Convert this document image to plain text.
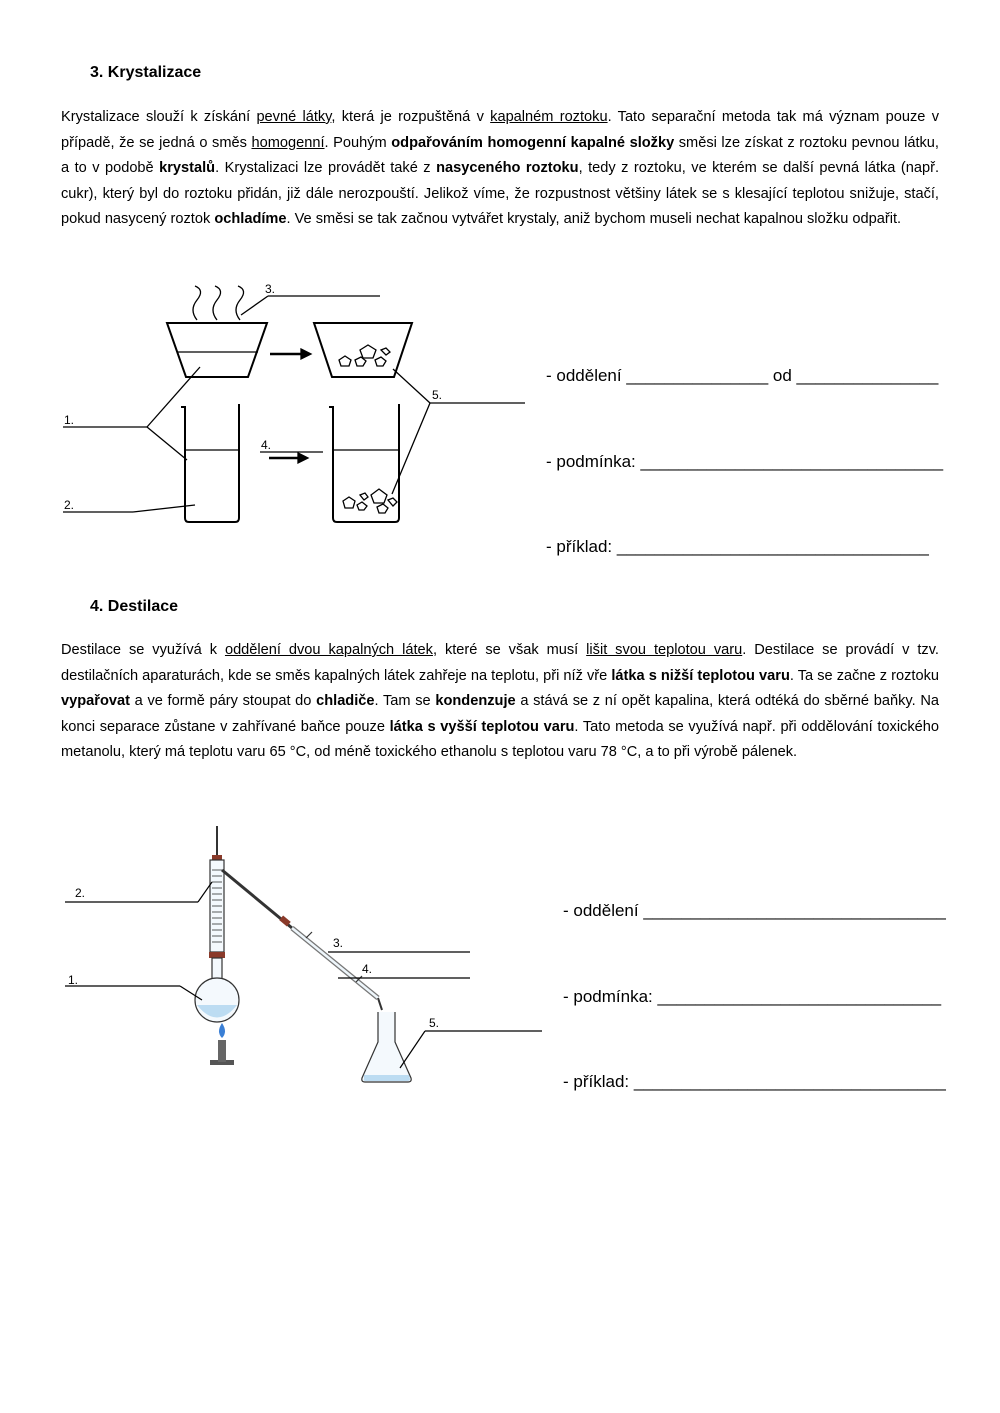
3. Krystalizace
Krystalizace slouží k získání pevné látky, která je rozpuštěná v kapalném roztoku. Tato separační metoda tak má význam pouze v případě, že se jedná o směs homogenní. Pouhým odpařováním homogenní kapalné složky směsi lze získat z roztoku pevnou látku, a to v podobě krystalů. Krystalizaci lze provádět také z nasyceného roztoku, tedy z roztoku, ve kterém se další pevná látka (např. cukr), který byl do roztoku přidán, již dále nerozpouští. Jelikož víme, že rozpustnost většiny látek se s klesající teplotou snižuje, stačí, pokud nasycený roztok ochladíme. Ve směsi se tak začnou vytvářet krystaly, aniž bychom museli nechat kapalnou složku odpařit.
1.
2.
3.
4.
5.

- oddělení _______________ od _______________

- podmínka: ________________________________

- příklad: _________________________________

4. Destilace
Destilace se využívá k oddělení dvou kapalných látek, které se však musí lišit svou teplotou varu. Destilace se provádí v tzv. destilačních aparaturách, kde se směs kapalných látek zahřeje na teplotu, při níž vře látka s nižší teplotou varu. Ta se začne z roztoku vypařovat a ve formě páry stoupat do chladiče. Tam se kondenzuje a stává se z ní opět kapalina, která odtéká do sběrné baňky. Na konci separace zůstane v zahřívané baňce pouze látka s vyšší teplotou varu. Tato metoda se využívá např. při oddělování toxického metanolu, který má teplotu varu 65 °C, od méně toxického ethanolu s teplotou varu 78 °C, a to při výrobě pálenek.
2.
1.
3.
4.
5.

- oddělení ________________________________

- podmínka: ______________________________

- příklad: _________________________________
